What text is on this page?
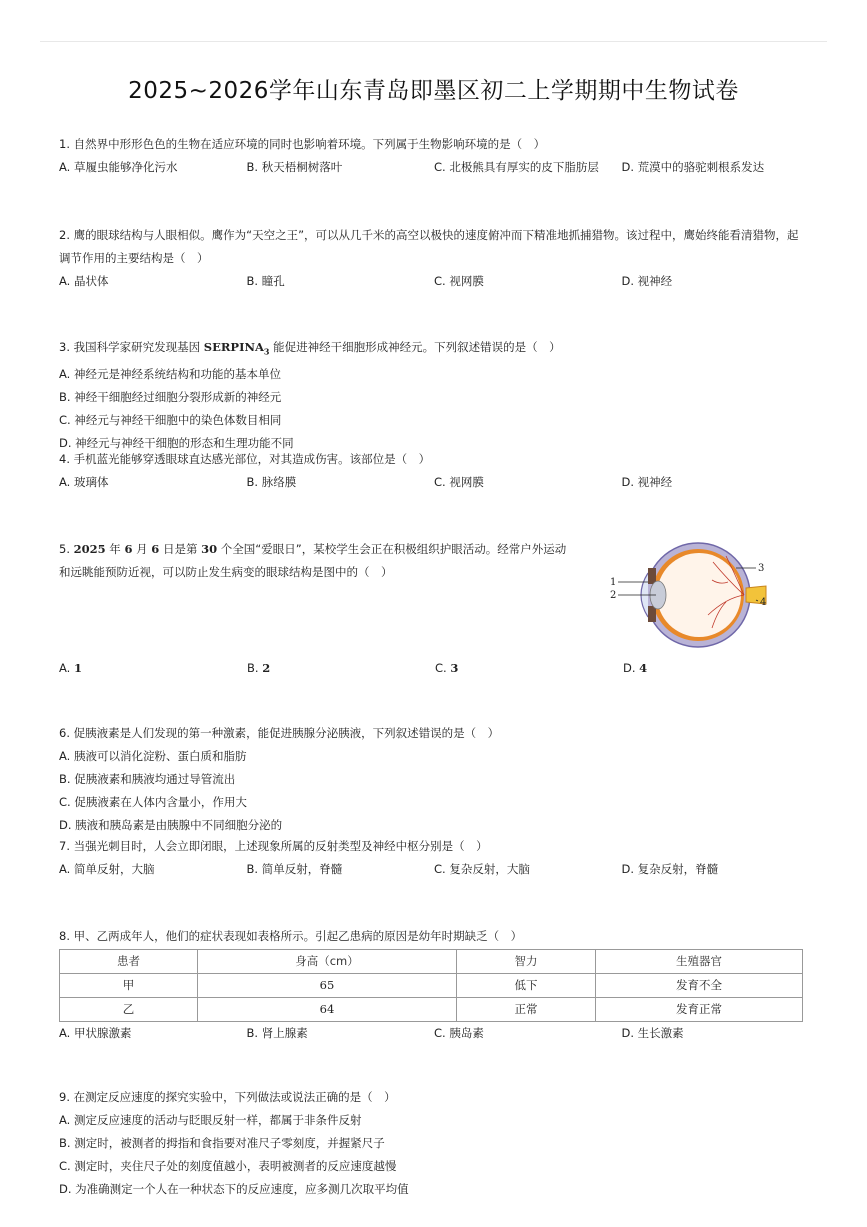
2025~2026学年山东青岛即墨区初二上学期期中生物试卷
1. 自然界中形形色色的生物在适应环境的同时也影响着环境。下列属于生物影响环境的是（　）
A. 草履虫能够净化污水	B. 秋天梧桐树落叶	C. 北极熊具有厚实的皮下脂肪层	D. 荒漠中的骆驼刺根系发达
2. 鹰的眼球结构与人眼相似。鹰作为“天空之王”，可以从几千米的高空以极快的速度俯冲而下精准地抓捕猎物。该过程中，鹰始终能看清猎物，起调节作用的主要结构是（　）
A. 晶状体	B. 瞳孔	C. 视网膜	D. 视神经
3. 我国科学家研究发现基因 $SERPINA_3$ 能促进神经干细胞形成神经元。下列叙述错误的是（　）
A. 神经元是神经系统结构和功能的基本单位
B. 神经干细胞经过细胞分裂形成新的神经元
C. 神经元与神经干细胞中的染色体数目相同
D. 神经元与神经干细胞的形态和生理功能不同
4. 手机蓝光能够穿透眼球直达感光部位，对其造成伤害。该部位是（　）
A. 玻璃体	B. 脉络膜	C. 视网膜	D. 视神经
5. 2025 年 6 月 6 日是第 30 个全国“爱眼日”，某校学生会正在积极组织护眼活动。经常户外运动
和远眺能预防近视，可以防止发生病变的眼球结构是图中的（　）
A. 1	B. 2	C. 3	D. 4
1
2
3
4
6. 促胰液素是人们发现的第一种激素，能促进胰腺分泌胰液，下列叙述错误的是（　）
A. 胰液可以消化淀粉、蛋白质和脂肪
B. 促胰液素和胰液均通过导管流出
C. 促胰液素在人体内含量小，作用大
D. 胰液和胰岛素是由胰腺中不同细胞分泌的
7. 当强光刺目时，人会立即闭眼，上述现象所属的反射类型及神经中枢分别是（　）
A. 简单反射，大脑	B. 简单反射，脊髓	C. 复杂反射，大脑	D. 复杂反射，脊髓
8. 甲、乙两成年人，他们的症状表现如表格所示。引起乙患病的原因是幼年时期缺乏（　）
患者	身高（cm）	智力	生殖器官
甲	65	低下	发育不全
乙	64	正常	发育正常
A. 甲状腺激素	B. 肾上腺素	C. 胰岛素	D. 生长激素
9. 在测定反应速度的探究实验中，下列做法或说法正确的是（　）
A. 测定反应速度的活动与眨眼反射一样，都属于非条件反射
B. 测定时，被测者的拇指和食指要对准尺子零刻度，并握紧尺子
C. 测定时，夹住尺子处的刻度值越小，表明被测者的反应速度越慢
D. 为准确测定一个人在一种状态下的反应速度，应多测几次取平均值
